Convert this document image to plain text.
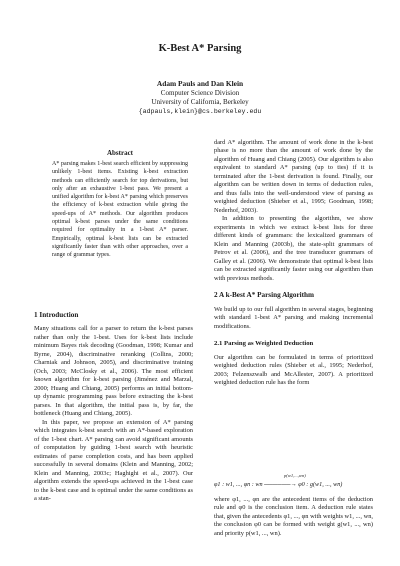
K-Best A* Parsing
Adam Pauls and Dan Klein
Computer Science Division
University of California, Berkeley
{adpauls,klein}@cs.berkeley.edu
Abstract
A* parsing makes 1-best search efficient by suppressing unlikely 1-best items. Existing k-best extraction methods can efficiently search for top derivations, but only after an exhaustive 1-best pass. We present a unified algorithm for k-best A* parsing which preserves the efficiency of k-best extraction while giving the speed-ups of A* methods. Our algorithm produces optimal k-best parses under the same conditions required for optimality in a 1-best A* parser. Empirically, optimal k-best lists can be extracted significantly faster than with other approaches, over a range of grammar types.

1 Introduction

Many situations call for a parser to return the k-best parses rather than only the 1-best. Uses for k-best lists include minimum Bayes risk decoding (Goodman, 1998; Kumar and Byrne, 2004), discriminative reranking (Collins, 2000; Charniak and Johnson, 2005), and discriminative training (Och, 2003; McClosky et al., 2006). The most efficient known algorithm for k-best parsing (Jiménez and Marzal, 2000; Huang and Chiang, 2005) performs an initial bottom-up dynamic programming pass before extracting the k-best parses. In that algorithm, the initial pass is, by far, the bottleneck (Huang and Chiang, 2005).

In this paper, we propose an extension of A* parsing which integrates k-best search with an A*-based exploration of the 1-best chart. A* parsing can avoid significant amounts of computation by guiding 1-best search with heuristic estimates of parse completion costs, and has been applied successfully in several domains (Klein and Manning, 2002; Klein and Manning, 2003c; Haghighi et al., 2007). Our algorithm extends the speed-ups achieved in the 1-best case to the k-best case and is optimal under the same conditions as a stan-

dard A* algorithm. The amount of work done in the k-best phase is no more than the amount of work done by the algorithm of Huang and Chiang (2005). Our algorithm is also equivalent to standard A* parsing (up to ties) if it is terminated after the 1-best derivation is found. Finally, our algorithm can be written down in terms of deduction rules, and thus falls into the well-understood view of parsing as weighted deduction (Shieber et al., 1995; Goodman, 1998; Nederhof, 2003).

In addition to presenting the algorithm, we show experiments in which we extract k-best lists for three different kinds of grammars: the lexicalized grammars of Klein and Manning (2003b), the state-split grammars of Petrov et al. (2006), and the tree transducer grammars of Galley et al. (2006). We demonstrate that optimal k-best lists can be extracted significantly faster using our algorithm than with previous methods.

2 A k-Best A* Parsing Algorithm

We build up to our full algorithm in several stages, beginning with standard 1-best A* parsing and making incremental modifications.

2.1 Parsing as Weighted Deduction

Our algorithm can be formulated in terms of prioritized weighted deduction rules (Shieber et al., 1995; Nederhof, 2003; Felzenszwalb and McAllester, 2007). A prioritized weighted deduction rule has the form

p(w1,...,wn)
φ1 : w1, ..., φn : wn ──────→ φ0 : g(w1, ..., wn)

where φ1, ..., φn are the antecedent items of the deduction rule and φ0 is the conclusion item. A deduction rule states that, given the antecedents φ1, ..., φn with weights w1, ..., wn, the conclusion φ0 can be formed with weight g(w1, ..., wn) and priority p(w1, ..., wn).
